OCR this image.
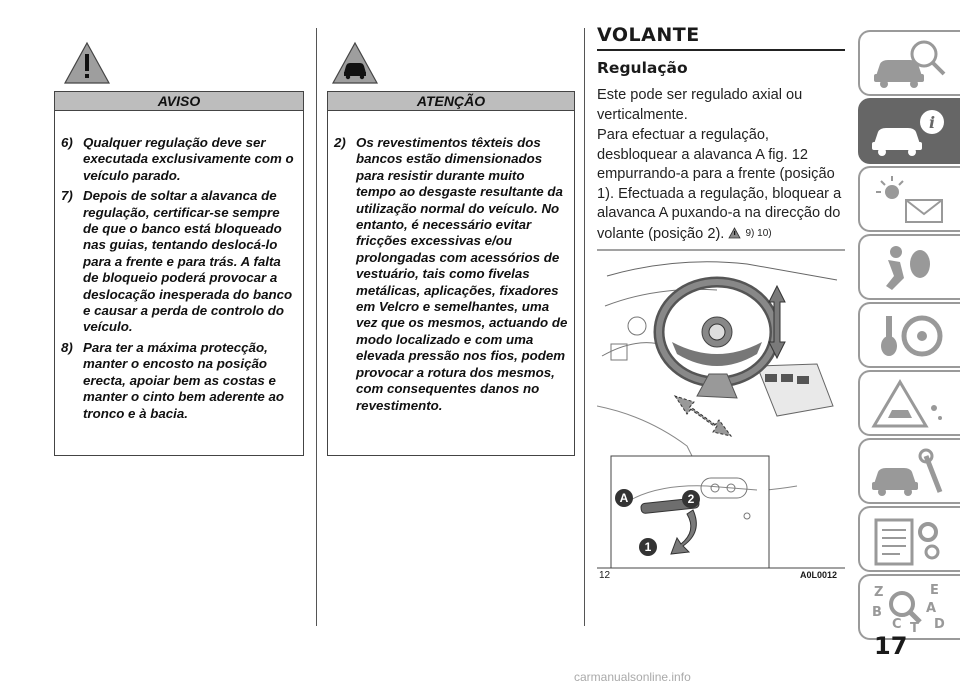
AVISO
6) Qualquer regulação deve ser executada exclusivamente com o veículo parado.
7) Depois de soltar a alavanca de regulação, certificar-se sempre de que o banco está bloqueado nas guias, tentando deslocá-lo para a frente e para trás. A falta de bloqueio poderá provocar a deslocação inesperada do banco e causar a perda de controlo do veículo.
8) Para ter a máxima protecção, manter o encosto na posição erecta, apoiar bem as costas e manter o cinto bem aderente ao tronco e à bacia.
ATENÇÃO
2) Os revestimentos têxteis dos bancos estão dimensionados para resistir durante muito tempo ao desgaste resultante da utilização normal do veículo. No entanto, é necessário evitar fricções excessivas e/ou prolongadas com acessórios de vestuário, tais como fivelas metálicas, aplicações, fixadores em Velcro e semelhantes, uma vez que os mesmos, actuando de modo localizado e com uma elevada pressão nos fios, podem provocar a rotura dos mesmos, com consequentes danos no revestimento.
VOLANTE
Regulação
Este pode ser regulado axial ou verticalmente.
Para efectuar a regulação, desbloquear a alavanca A fig. 12 empurrando-a para a frente (posição 1). Efectuada a regulação, bloquear a alavanca A puxando-a na direcção do volante (posição 2). 9) 10)
A	2
1
12	A0L0012
i
Z	E
B	A
C T D
17
carmanualsonline.info
